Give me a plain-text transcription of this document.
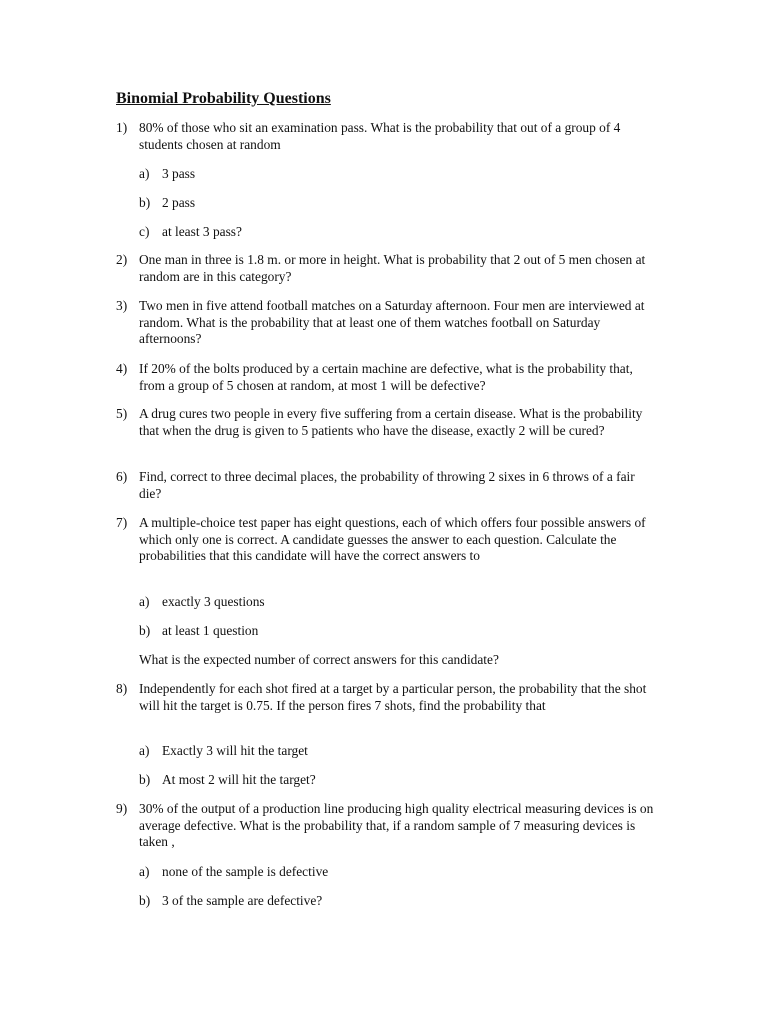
Binomial Probability Questions
1) 80% of those who sit an examination pass. What is the probability that out of a group of 4 students chosen at random
a) 3 pass
b) 2 pass
c) at least 3 pass?
2) One man in three is 1.8 m. or more in height. What is probability that 2 out of 5 men chosen at random are in this category?
3) Two men in five attend football matches on a Saturday afternoon. Four men are interviewed at random. What is the probability that at least one of them watches football on Saturday afternoons?
4) If 20% of the bolts produced by a certain machine are defective, what is the probability that, from a group of 5 chosen at random, at most 1 will be defective?
5) A drug cures two people in every five suffering from a certain disease. What is the probability that when the drug is given to 5 patients who have the disease, exactly 2 will be cured?
6) Find, correct to three decimal places, the probability of throwing 2 sixes in 6 throws of a fair die?
7) A multiple-choice test paper has eight questions, each of which offers four possible answers of which only one is correct. A candidate guesses the answer to each question. Calculate the probabilities that this candidate will have the correct answers to
a) exactly 3 questions
b) at least 1 question
What is the expected number of correct answers for this candidate?
8) Independently for each shot fired at a target by a particular person, the probability that the shot will hit the target is 0.75. If the person fires 7 shots, find the probability that
a) Exactly 3 will hit the target
b) At most 2 will hit the target?
9) 30% of the output of a production line producing high quality electrical measuring devices is on average defective. What is the probability that, if a random sample of 7 measuring devices is taken ,
a) none of the sample is defective
b) 3 of the sample are defective?
